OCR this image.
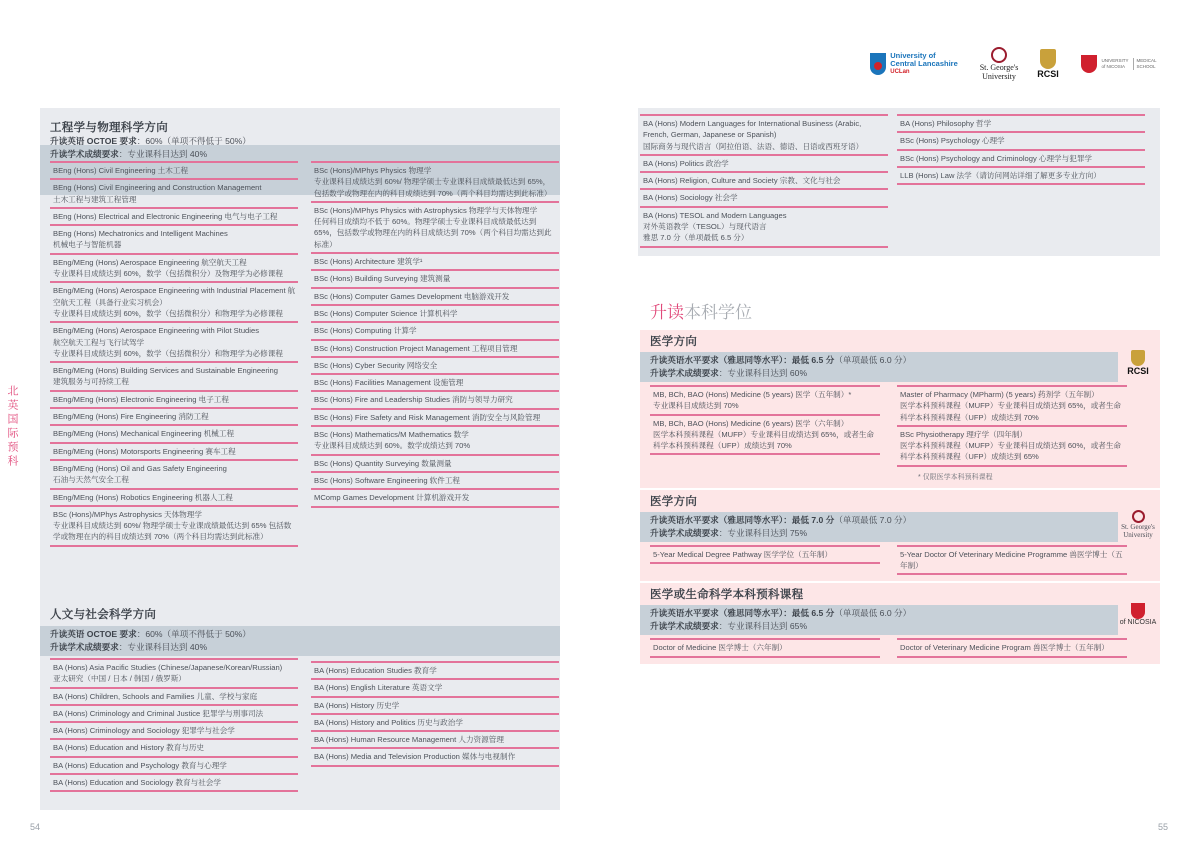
北英国际预科
54	55
University of
Central Lancashire
UCLan	St. George's
University RCSI
UNIVERSITY
of NICOSIA
MEDICAL
SCHOOL
工程学与物理科学方向
升读英语 OCTOE 要求：60%（单项不得低于 50%）
升读学术成绩要求：专业课科目达到 40%
BEng (Hons) Civil Engineering 土木工程
BEng (Hons) Civil Engineering and Construction Management
土木工程与建筑工程管理
BEng (Hons) Electrical and Electronic Engineering 电气与电子工程
BEng (Hons) Mechatronics and Intelligent Machines
机械电子与智能机器
BEng/MEng (Hons) Aerospace Engineering 航空航天工程
专业课科目成绩达到 60%，数学（包括微积分）及物理学为必修课程
BEng/MEng (Hons) Aerospace Engineering with Industrial Placement 航空航天工程（具备行业实习机会）
专业课科目成绩达到 60%，数学（包括微积分）和物理学为必修课程
BEng/MEng (Hons) Aerospace Engineering with Pilot Studies
航空航天工程与飞行试驾学
专业课科目成绩达到 60%，数学（包括微积分）和物理学为必修课程
BEng/MEng (Hons) Building Services and Sustainable Engineering
建筑服务与可持续工程
BEng/MEng (Hons) Electronic Engineering 电子工程
BEng/MEng (Hons) Fire Engineering 消防工程
BEng/MEng (Hons) Mechanical Engineering 机械工程
BEng/MEng (Hons) Motorsports Engineering 赛车工程
BEng/MEng (Hons) Oil and Gas Safety Engineering
石油与天然气安全工程
BEng/MEng (Hons) Robotics Engineering 机器人工程
BSc (Hons)/MPhys Astrophysics 天体物理学
专业课科目成绩达到 60%/ 物理学硕士专业课成绩最低达到 65% 包括数学或物理在内的科目成绩达到 70%（两个科目均需达到此标准）
BSc (Hons)/MPhys Physics 物理学
专业课科目成绩达到 60%/ 物理学硕士专业课科目成绩最低达到 65%，包括数学或物理在内的科目成绩达到 70%（两个科目均需达到此标准）
BSc (Hons)/MPhys Physics with Astrophysics 物理学与天体物理学
任何科目成绩均不低于 60%。物理学硕士专业课科目成绩最低达到 65%，包括数学或物理在内的科目成绩达到 70%（两个科目均需达到此标准）
BSc (Hons) Architecture 建筑学¹
BSc (Hons) Building Surveying 建筑测量
BSc (Hons) Computer Games Development 电脑游戏开发
BSc (Hons) Computer Science 计算机科学
BSc (Hons) Computing 计算学
BSc (Hons) Construction Project Management 工程项目管理
BSc (Hons) Cyber Security 网络安全
BSc (Hons) Facilities Management 设施管理
BSc (Hons) Fire and Leadership Studies 消防与领导力研究
BSc (Hons) Fire Safety and Risk Management 消防安全与风险管理
BSc (Hons) Mathematics/M Mathematics 数学
专业课科目成绩达到 60%。数学成绩达到 70%
BSc (Hons) Quantity Surveying 数量测量
BSc (Hons) Software Engineering 软件工程
MComp Games Development 计算机游戏开发
人文与社会科学方向
升读英语 OCTOE 要求：60%（单项不得低于 50%）
升读学术成绩要求：专业课科目达到 40%
BA (Hons) Asia Pacific Studies (Chinese/Japanese/Korean/Russian)
亚太研究（中国 / 日本 / 韩国 / 俄罗斯）
BA (Hons) Children, Schools and Families 儿童、学校与家庭
BA (Hons) Criminology and Criminal Justice 犯罪学与刑事司法
BA (Hons) Criminology and Sociology 犯罪学与社会学
BA (Hons) Education and History 教育与历史
BA (Hons) Education and Psychology 教育与心理学
BA (Hons) Education and Sociology 教育与社会学
BA (Hons) Education Studies 教育学
BA (Hons) English Literature 英语文学
BA (Hons) History 历史学
BA (Hons) History and Politics 历史与政治学
BA (Hons) Human Resource Management 人力资源管理
BA (Hons) Media and Television Production 媒体与电视制作
BA (Hons) Modern Languages for International Business (Arabic, French, German, Japanese or Spanish)
国际商务与现代语言（阿拉伯语、法语、德语、日语或西班牙语）
BA (Hons) Politics 政治学
BA (Hons) Religion, Culture and Society 宗教、文化与社会
BA (Hons) Sociology 社会学
BA (Hons) TESOL and Modern Languages
对外英语教学（TESOL）与现代语言
雅思 7.0 分（单项最低 6.5 分）
BA (Hons) Philosophy 哲学
BSc (Hons) Psychology 心理学
BSc (Hons) Psychology and Criminology 心理学与犯罪学
LLB (Hons) Law 法学（请访问网站详细了解更多专业方向）
升读本科学位
医学方向
升读英语水平要求（雅思同等水平）：最低 6.5 分（单项最低 6.0 分）
升读学术成绩要求：专业课科目达到 60%
MB, BCh, BAO (Hons) Medicine (5 years) 医学（五年制）*
专业课科目成绩达到 70%
MB, BCh, BAO (Hons) Medicine (6 years) 医学（六年制）
医学本科预科课程（MUFP）专业课科目成绩达到 65%，或者生命科学本科预科课程（UFP）成绩达到 70%
Master of Pharmacy (MPharm) (5 years) 药剂学（五年制）
医学本科预科课程（MUFP）专业课科目成绩达到 65%，或者生命科学本科预科课程（UFP）成绩达到 70%
BSc Physiotherapy 理疗学（四年制）
医学本科预科课程（MUFP）专业课科目成绩达到 60%，或者生命科学本科预科课程（UFP）成绩达到 65%
* 仅限医学本科预科课程
RCSI
医学方向
升读英语水平要求（雅思同等水平）：最低 7.0 分（单项最低 7.0 分）
升读学术成绩要求：专业课科目达到 75%
5-Year Medical Degree Pathway 医学学位（五年制）	5-Year Doctor Of Veterinary Medicine Programme 兽医学博士（五年制）
St. George's
University
医学或生命科学本科预科课程
升读英语水平要求（雅思同等水平）：最低 6.5 分（单项最低 6.0 分）
升读学术成绩要求：专业课科目达到 65%
Doctor of Medicine 医学博士（六年制）	Doctor of Veterinary Medicine Program 兽医学博士（五年制）
of NICOSIA
